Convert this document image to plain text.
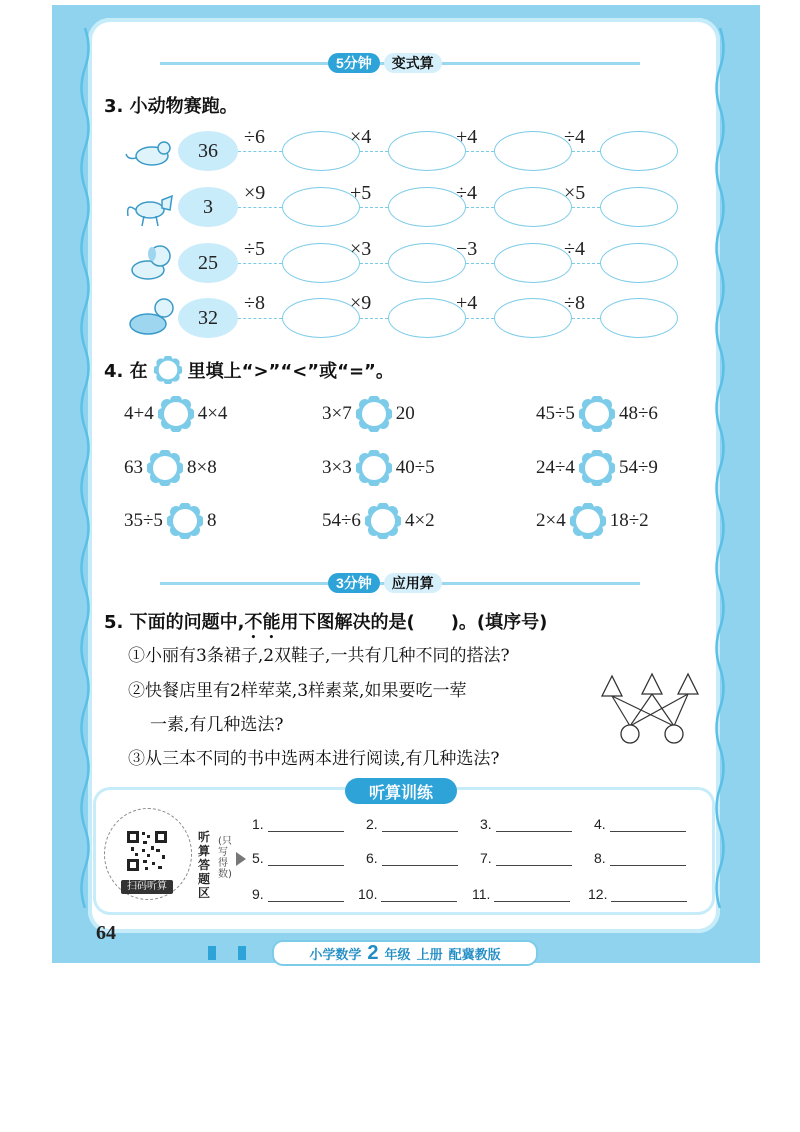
5分钟	变式算
3. 小动物赛跑。
36
÷6	×4	+4	÷4
3
×9	+5	÷4	×5
25
÷5	×3	−3	÷4
32
÷8	×9	+4	÷8
4. 在 里填上“>”“<”或“=”。
4+4 4×4	3×7 20	45÷5 48÷6
63 8×8	3×3 40÷5	24÷4 54÷9
35÷5 8	54÷6 4×2	2×4 18÷2
3分钟	应用算
5. 下面的问题中,不能用下图解决的是(　　)。(填序号)
①小丽有3条裙子,2双鞋子,一共有几种不同的搭法?
②快餐店里有2样荤菜,3样素菜,如果要吃一荤
一素,有几种选法?
③从三本不同的书中选两本进行阅读,有几种选法?
听算训练
扫码听算
听算答题区
(只写得数)
1.	2.	3.	4.
5.	6.	7.	8.
9.	10.	11.	12.
64
小学数学 2 年级 上册 配冀教版
